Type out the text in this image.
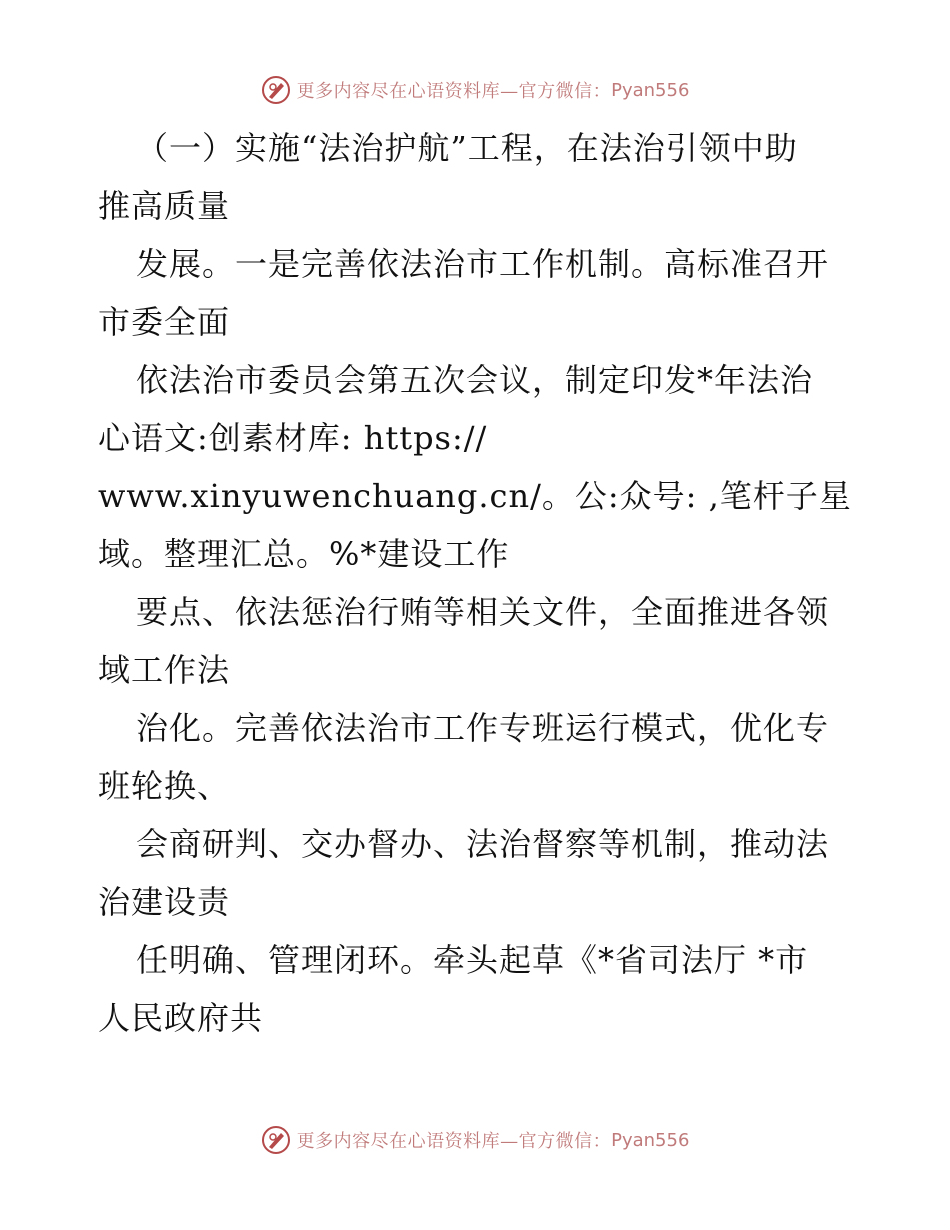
更多内容尽在心语资料库—官方微信： Pyan556
（一）实施“法治护航”工程，在法治引领中助
推高质量
发展。一是完善依法治市工作机制。高标准召开
市委全面
依法治市委员会第五次会议，制定印发*年法治
心语文:创素材库: https://
www.xinyuwenchuang.cn/。公:众号: ,笔杆子星
域。整理汇总。%*建设工作
要点、依法惩治行贿等相关文件，全面推进各领
域工作法
治化。完善依法治市工作专班运行模式，优化专
班轮换、
会商研判、交办督办、法治督察等机制，推动法
治建设责
任明确、管理闭环。牵头起草《*省司法厅 *市
人民政府共
更多内容尽在心语资料库—官方微信： Pyan556
